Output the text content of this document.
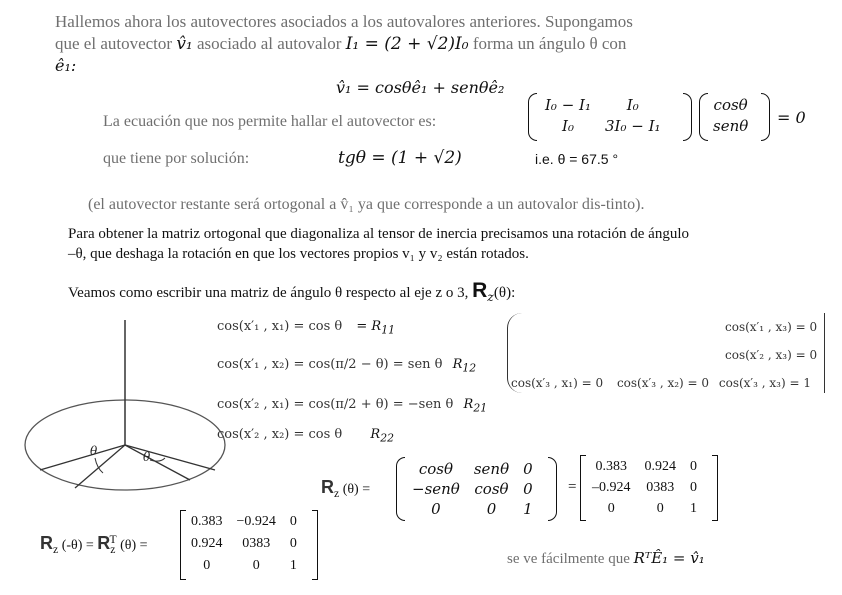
Hallemos ahora los autovectores asociados a los autovalores anteriores. Supongamos
que el autovector v̂₁ asociado al autovalor I₁ = (2 + √2)I₀ forma un ángulo θ con
ê₁:
v̂₁ = cosθê₁ + senθê₂
La ecuación que nos permite hallar el autovector es:
I₀ − I₁	I₀
I₀	3I₀ − I₁
cosθ
senθ = 0
que tiene por solución:	tgθ = (1 + √2)	i.e. θ = 67.5 °
(el autovector restante será ortogonal a v̂₁ ya que corresponde a un autovalor dis-tinto).
Para obtener la matriz ortogonal que diagonaliza al tensor de inercia precisamos una rotación de ángulo
–θ, que deshaga la rotación en que los vectores propios v₁ y v₂ están rotados.
Veamos como escribir una matriz de ángulo θ respecto al eje z o 3, $R_z(\theta)$:
θ	θ
cos(x′₁ , $x_1) = \cos \theta = R_{11}$
cos(x′₁ , x₂) = cos(π/2 − θ) = sen θ $R_{12}$
cos(x′₂ , x₁) = cos(π/2 + θ) = −sen θ $R_{21}$
cos(x′₂ , x₂) = cos θ $R_{22}$
cos(x′₁ , x₃) = 0
cos(x′₂ , x₃) = 0
cos(x′₃ , x₁) = 0 cos(x′₃ , x₂) = 0 cos(x′₃ , x₃) = 1
$R_z$ (θ) =
cosθ	senθ	0
−senθ	cosθ	0
0	0	1
=
0.383	0.924	0
–0.924	0383	0
0	0	1
$R_z$ $(-\theta) = R_z^T$ (θ) =
0.383	−0.924	0
0.924	0383	0
0	0	1	se ve fácilmente que RᵀÊ₁ = v̂₁
